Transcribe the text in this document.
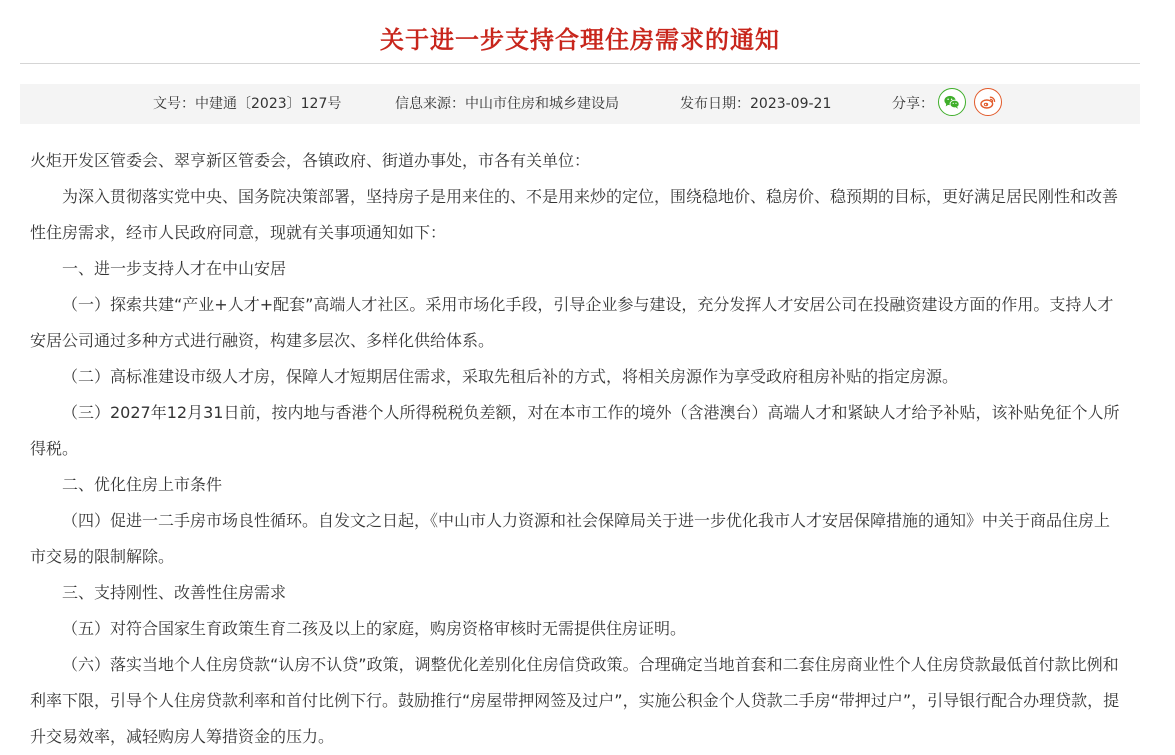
关于进一步支持合理住房需求的通知
文号：中建通〔2023〕127号	信息来源：中山市住房和城乡建设局	发布日期：2023-09-21	分享：

火炬开发区管委会、翠亨新区管委会，各镇政府、街道办事处，市各有关单位：

为深入贯彻落实党中央、国务院决策部署，坚持房子是用来住的、不是用来炒的定位，围绕稳地价、稳房价、稳预期的目标，更好满足居民刚性和改善性住房需求，经市人民政府同意，现就有关事项通知如下：

一、进一步支持人才在中山安居

（一）探索共建“产业+人才+配套”高端人才社区。采用市场化手段，引导企业参与建设，充分发挥人才安居公司在投融资建设方面的作用。支持人才安居公司通过多种方式进行融资，构建多层次、多样化供给体系。

（二）高标准建设市级人才房，保障人才短期居住需求，采取先租后补的方式，将相关房源作为享受政府租房补贴的指定房源。

（三）2027年12月31日前，按内地与香港个人所得税税负差额，对在本市工作的境外（含港澳台）高端人才和紧缺人才给予补贴，该补贴免征个人所得税。

二、优化住房上市条件

（四）促进一二手房市场良性循环。自发文之日起，《中山市人力资源和社会保障局关于进一步优化我市人才安居保障措施的通知》中关于商品住房上市交易的限制解除。

三、支持刚性、改善性住房需求

（五）对符合国家生育政策生育二孩及以上的家庭，购房资格审核时无需提供住房证明。

（六）落实当地个人住房贷款“认房不认贷”政策，调整优化差别化住房信贷政策。合理确定当地首套和二套住房商业性个人住房贷款最低首付款比例和利率下限，引导个人住房贷款利率和首付比例下行。鼓励推行“房屋带押网签及过户”，实施公积金个人贷款二手房“带押过户”，引导银行配合办理贷款，提升交易效率，减轻购房人筹措资金的压力。
